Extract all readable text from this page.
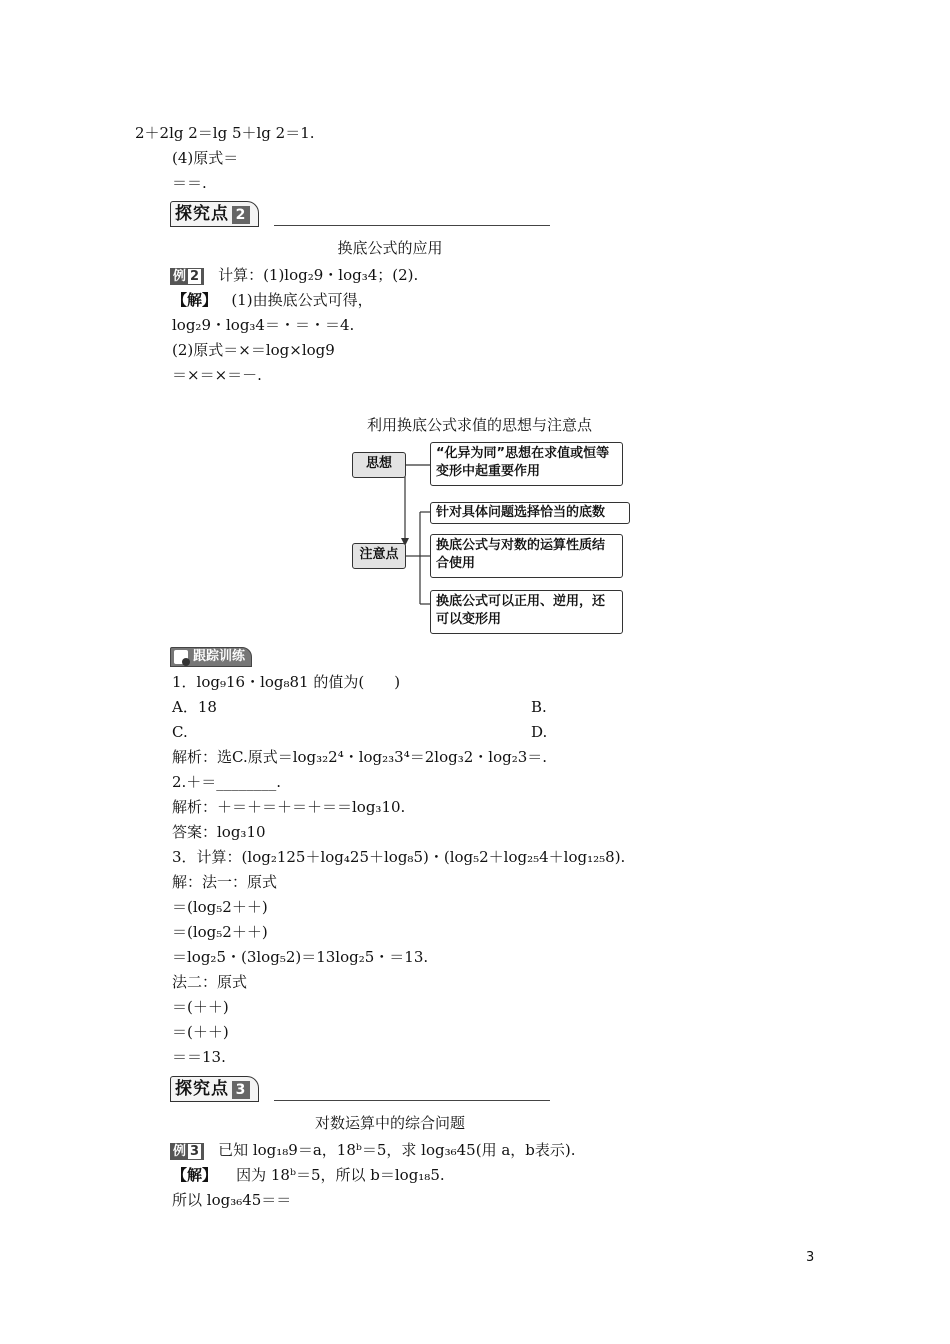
2＋2lg 2＝lg 5＋lg 2＝1.
(4)原式＝
＝＝.
探究点 2
换底公式的应用
例 2 计算：(1)log₂9・log₃4；(2).
【解】 (1)由换底公式可得，
log₂9・log₃4＝・＝・＝4.
(2)原式＝×＝log×log9
＝×＝×＝－.
利用换底公式求值的思想与注意点
思想
注意点
“化异为同”思想在求值或恒等变形中起重要作用
针对具体问题选择恰当的底数
换底公式与对数的运算性质结合使用
换底公式可以正用、逆用，还可以变形用
跟踪训练
1．log₉16・log₈81 的值为(　　)
A．18	B.
C.	D.
解析：选C.原式＝log₃₂2⁴・log₂₃3⁴＝2log₃2・log₂3＝.
2.＋＝________.
解析：＋＝＋＝＋＝＋＝＝log₃10.
答案：log₃10
3．计算：(log₂125＋log₄25＋log₈5)・(log₅2＋log₂₅4＋log₁₂₅8).
解：法一：原式
＝(log₅2＋＋)
＝(log₅2＋＋)
＝log₂5・(3log₅2)＝13log₂5・＝13.
法二：原式
＝(＋＋)
＝(＋＋)
＝＝13.
探究点 3
对数运算中的综合问题
例 3 已知 log₁₈9＝a，18ᵇ＝5，求 log₃₆45(用 a，b表示).
【解】 因为 18ᵇ＝5，所以 b＝log₁₈5.
所以 log₃₆45＝＝
3
